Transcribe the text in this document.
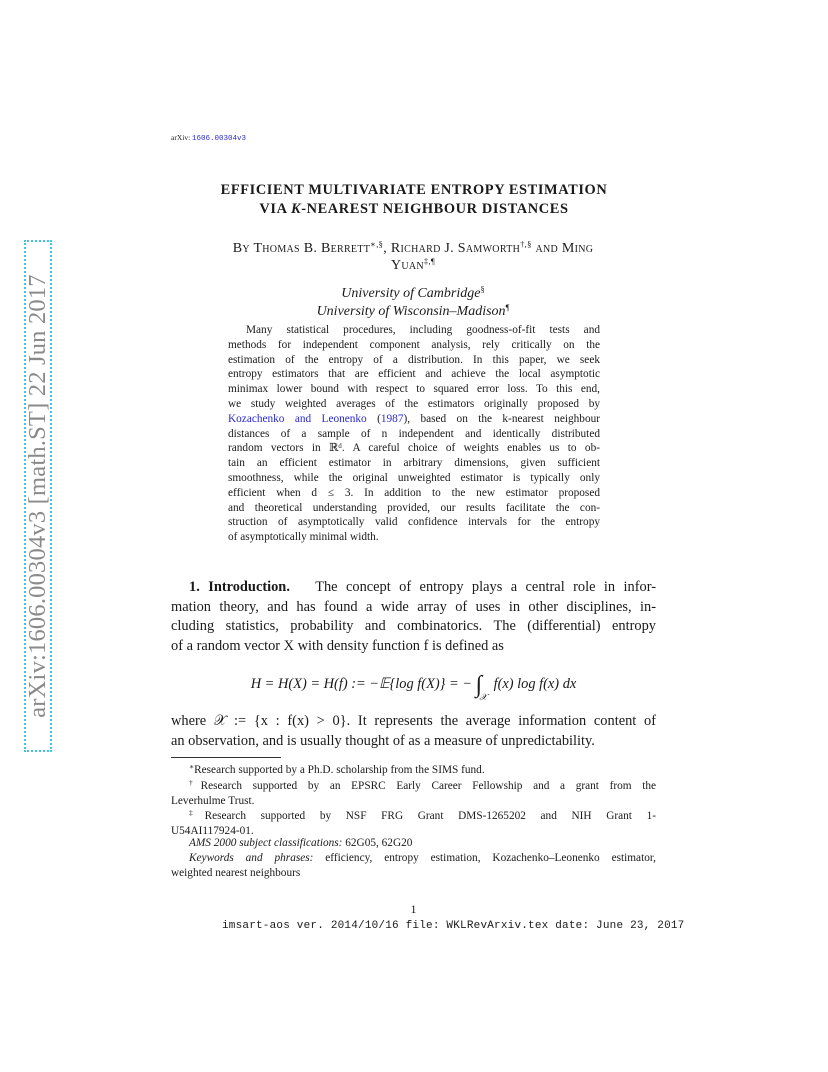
arXiv:1606.00304v3 [math.ST] 22 Jun 2017
arXiv: 1606.00304v3
EFFICIENT MULTIVARIATE ENTROPY ESTIMATION
VIA K-NEAREST NEIGHBOUR DISTANCES
By Thomas B. Berrett∗,§, Richard J. Samworth†,§ and Ming
Yuan‡,¶
University of Cambridge§
University of Wisconsin–Madison¶
Many statistical procedures, including goodness-of-fit tests and
methods for independent component analysis, rely critically on the
estimation of the entropy of a distribution. In this paper, we seek
entropy estimators that are efficient and achieve the local asymptotic
minimax lower bound with respect to squared error loss. To this end,
we study weighted averages of the estimators originally proposed by
Kozachenko and Leonenko (1987), based on the k-nearest neighbour
distances of a sample of n independent and identically distributed
random vectors in ℝᵈ. A careful choice of weights enables us to ob-
tain an efficient estimator in arbitrary dimensions, given sufficient
smoothness, while the original unweighted estimator is typically only
efficient when d ≤ 3. In addition to the new estimator proposed
and theoretical understanding provided, our results facilitate the con-
struction of asymptotically valid confidence intervals for the entropy
of asymptotically minimal width.
1. Introduction. The concept of entropy plays a central role in infor-
mation theory, and has found a wide array of uses in other disciplines, in-
cluding statistics, probability and combinatorics. The (differential) entropy
of a random vector X with density function f is defined as
H = H(X) = H(f) := −𝔼{log f(X)} = − $\int_𝒳$ f(x) log f(x) dx
where 𝒳 := {x : f(x) > 0}. It represents the average information content of
an observation, and is usually thought of as a measure of unpredictability.
∗Research supported by a Ph.D. scholarship from the SIMS fund.
†Research supported by an EPSRC Early Career Fellowship and a grant from the
Leverhulme Trust.
‡Research supported by NSF FRG Grant DMS-1265202 and NIH Grant 1-
U54AI117924-01.
AMS 2000 subject classifications: 62G05, 62G20
Keywords and phrases: efficiency, entropy estimation, Kozachenko–Leonenko estimator,
weighted nearest neighbours
1
imsart-aos ver. 2014/10/16 file: WKLRevArxiv.tex date: June 23, 2017
